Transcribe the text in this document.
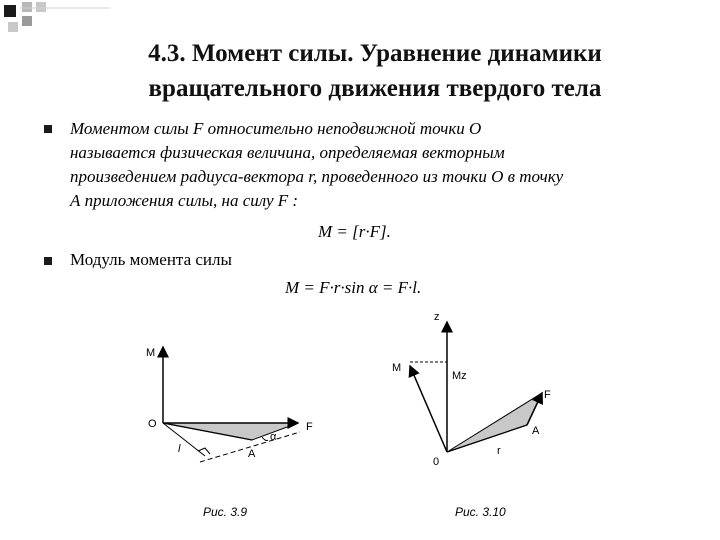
4.3. Момент силы. Уравнение динамики
вращательного движения твердого тела
Моментом силы F относительно неподвижной точки О
называется физическая величина, определяемая векторным
произведением радиуса-вектора r, проведенного из точки О в точку
А приложения силы, на силу F :
M = [r·F].
Модуль момента силы
M = F·r·sin α = F·l.
M
O	F
A
l
α
Рис. 3.9
z
M
Mz
F
A
r
0
Рис. 3.10
